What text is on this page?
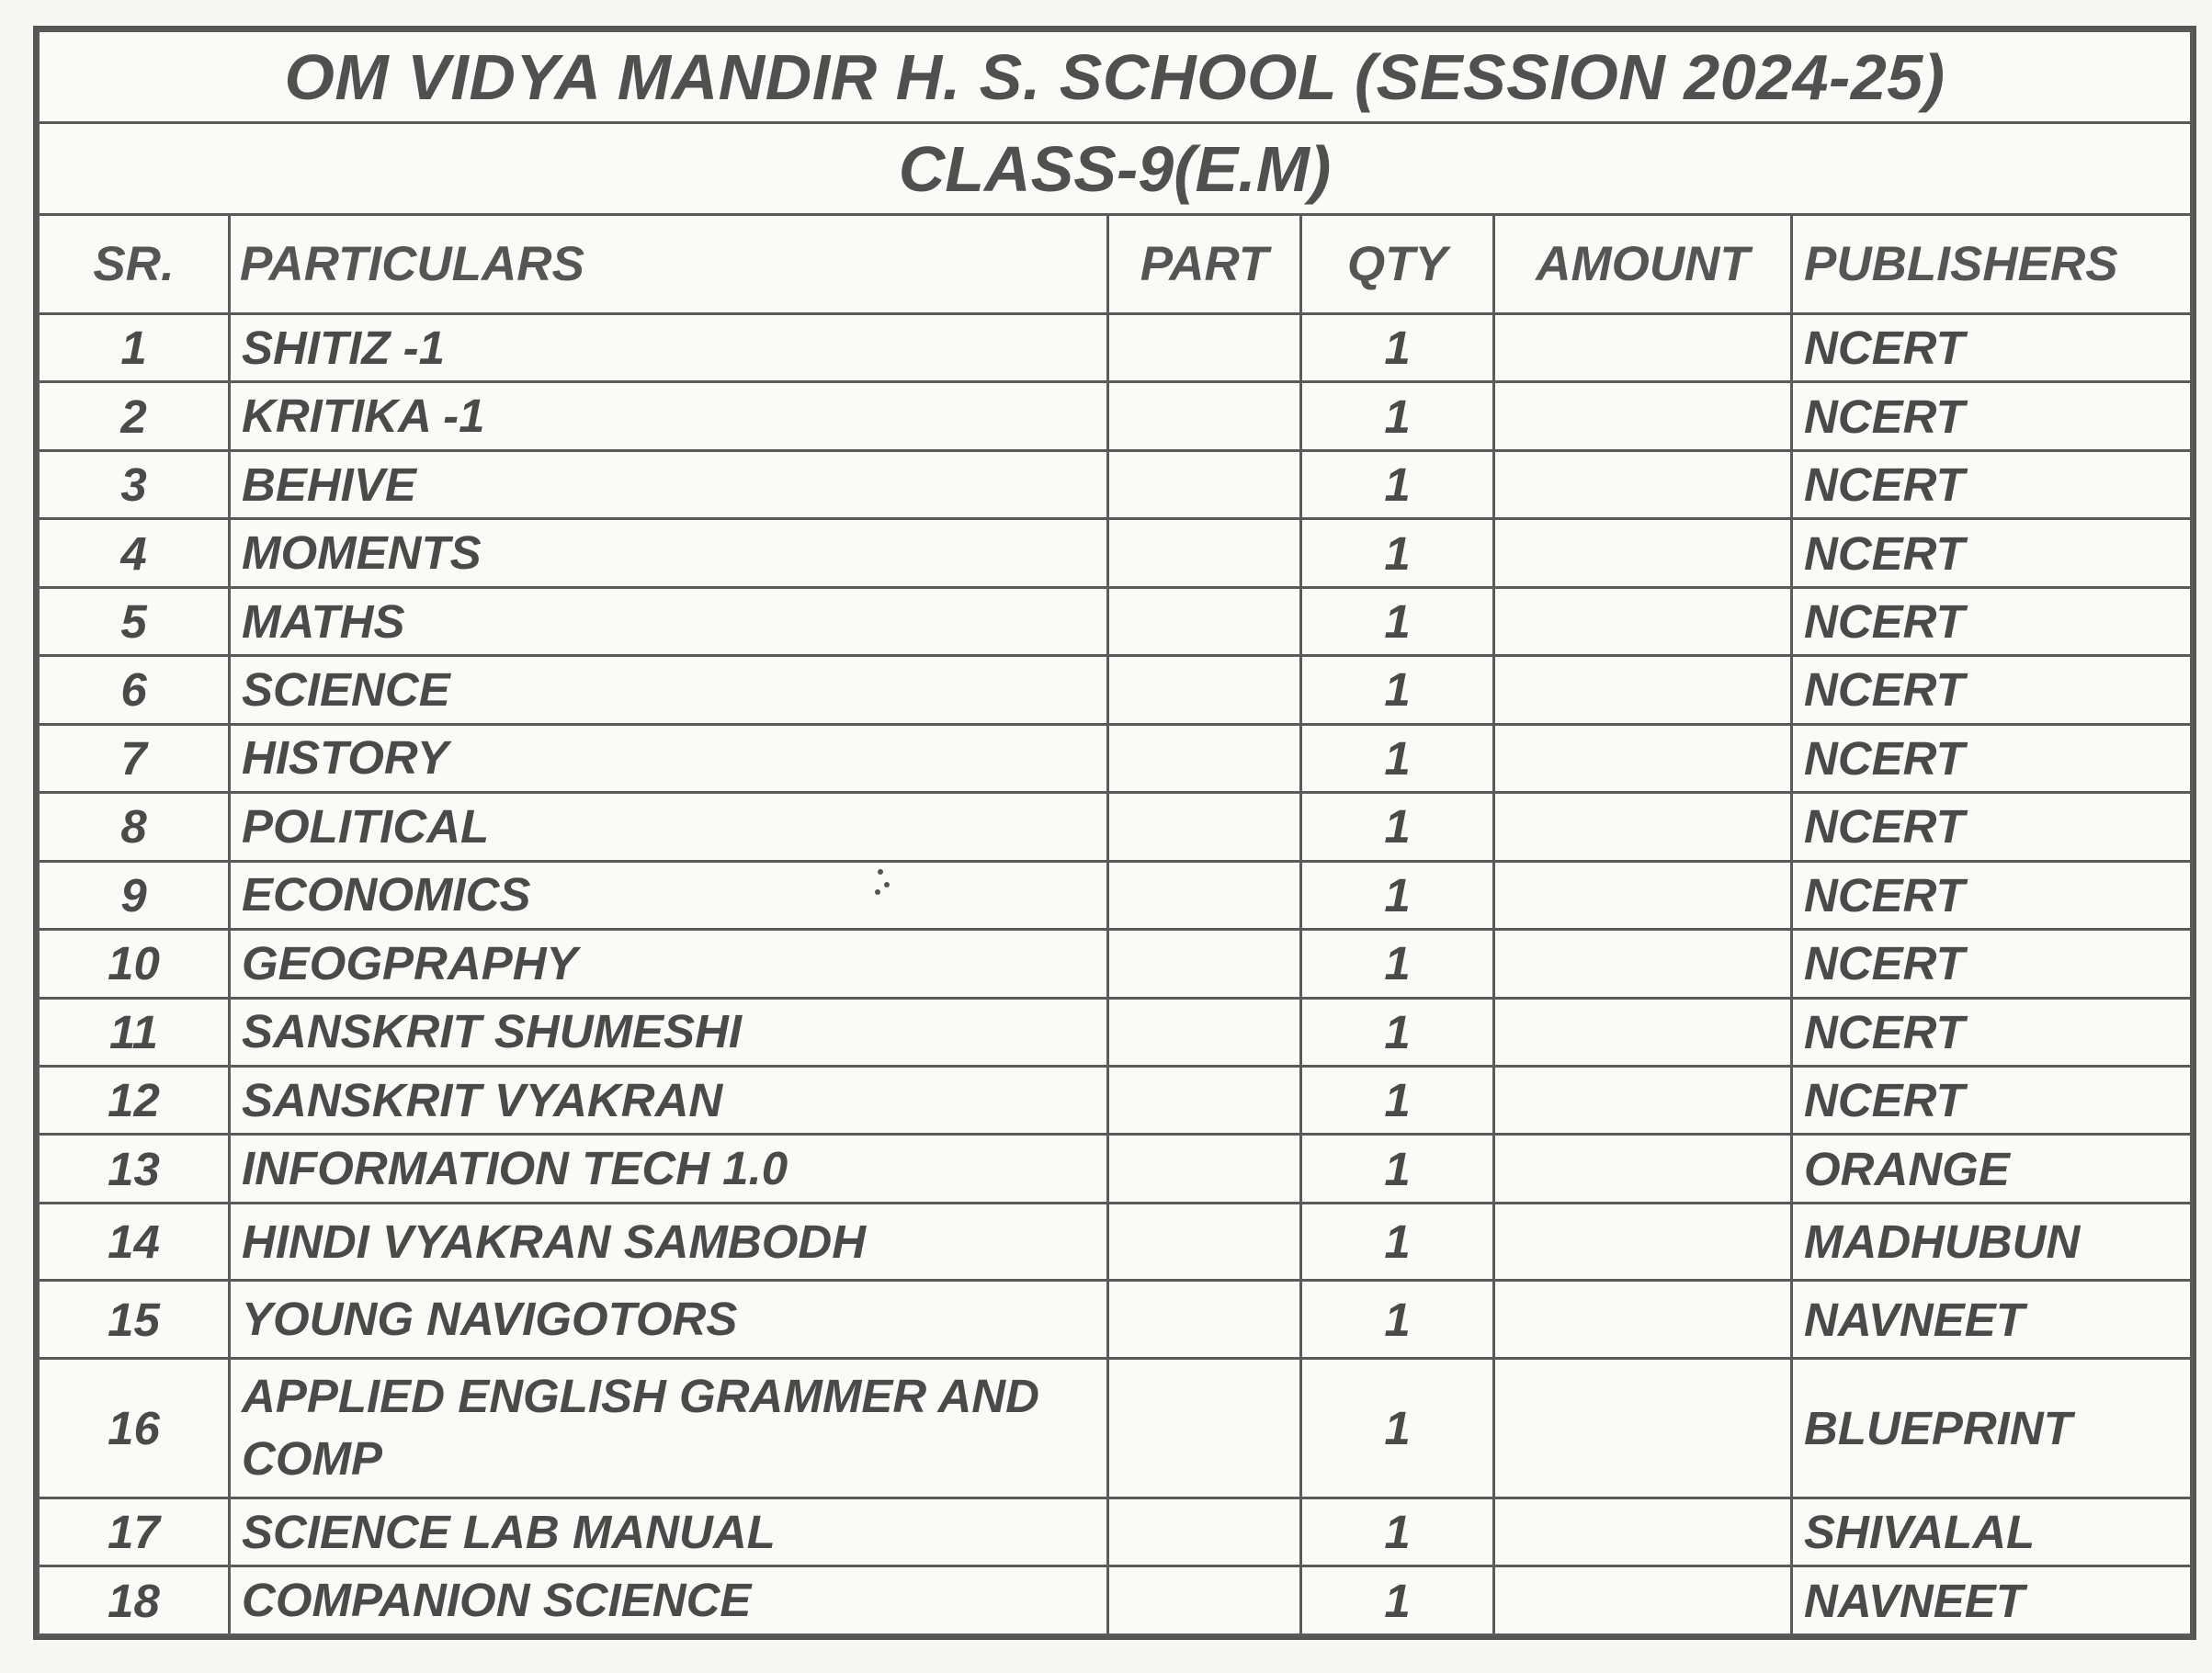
OM VIDYA MANDIR H. S. SCHOOL (SESSION 2024-25)					
CLASS-9(E.M)					
SR.	PARTICULARS	PART	QTY	AMOUNT	PUBLISHERS
1	SHITIZ -1		1		NCERT
2	KRITIKA -1		1		NCERT
3	BEHIVE		1		NCERT
4	MOMENTS		1		NCERT
5	MATHS		1		NCERT
6	SCIENCE		1		NCERT
7	HISTORY		1		NCERT
8	POLITICAL		1		NCERT
9	ECONOMICS		1		NCERT
10	GEOGPRAPHY		1		NCERT
11	SANSKRIT SHUMESHI		1		NCERT
12	SANSKRIT VYAKRAN		1		NCERT
13	INFORMATION TECH 1.0		1		ORANGE
14	HINDI VYAKRAN SAMBODH		1		MADHUBUN
15	YOUNG NAVIGOTORS		1		NAVNEET
16	APPLIED ENGLISH GRAMMER AND COMP		1		BLUEPRINT
17	SCIENCE LAB MANUAL		1		SHIVALAL
18	COMPANION SCIENCE		1		NAVNEET
